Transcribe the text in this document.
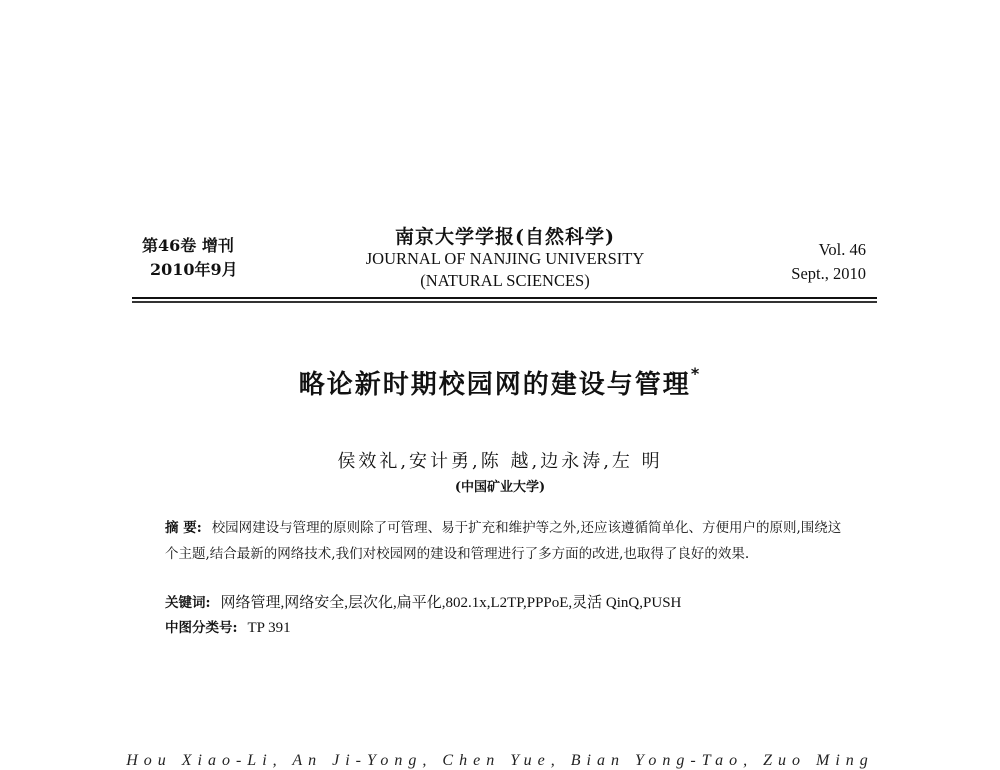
第46卷 增刊
2010年9月
南京大学学报(自然科学)
JOURNAL OF NANJING UNIVERSITY
(NATURAL SCIENCES)
Vol. 46
Sept., 2010
略论新时期校园网的建设与管理*
侯效礼,安计勇,陈 越,边永涛,左 明
(中国矿业大学)
摘 要: 校园网建设与管理的原则除了可管理、易于扩充和维护等之外,还应该遵循简单化、方便用户的原则,围绕这个主题,结合最新的网络技术,我们对校园网的建设和管理进行了多方面的改进,也取得了良好的效果.
关键词: 网络管理,网络安全,层次化,扁平化,802.1x,L2TP,PPPoE,灵活 QinQ,PUSH
中图分类号: TP 391
Hou Xiao-Li, An Ji-Yong, Chen Yue, Bian Yong-Tao, Zuo Ming
